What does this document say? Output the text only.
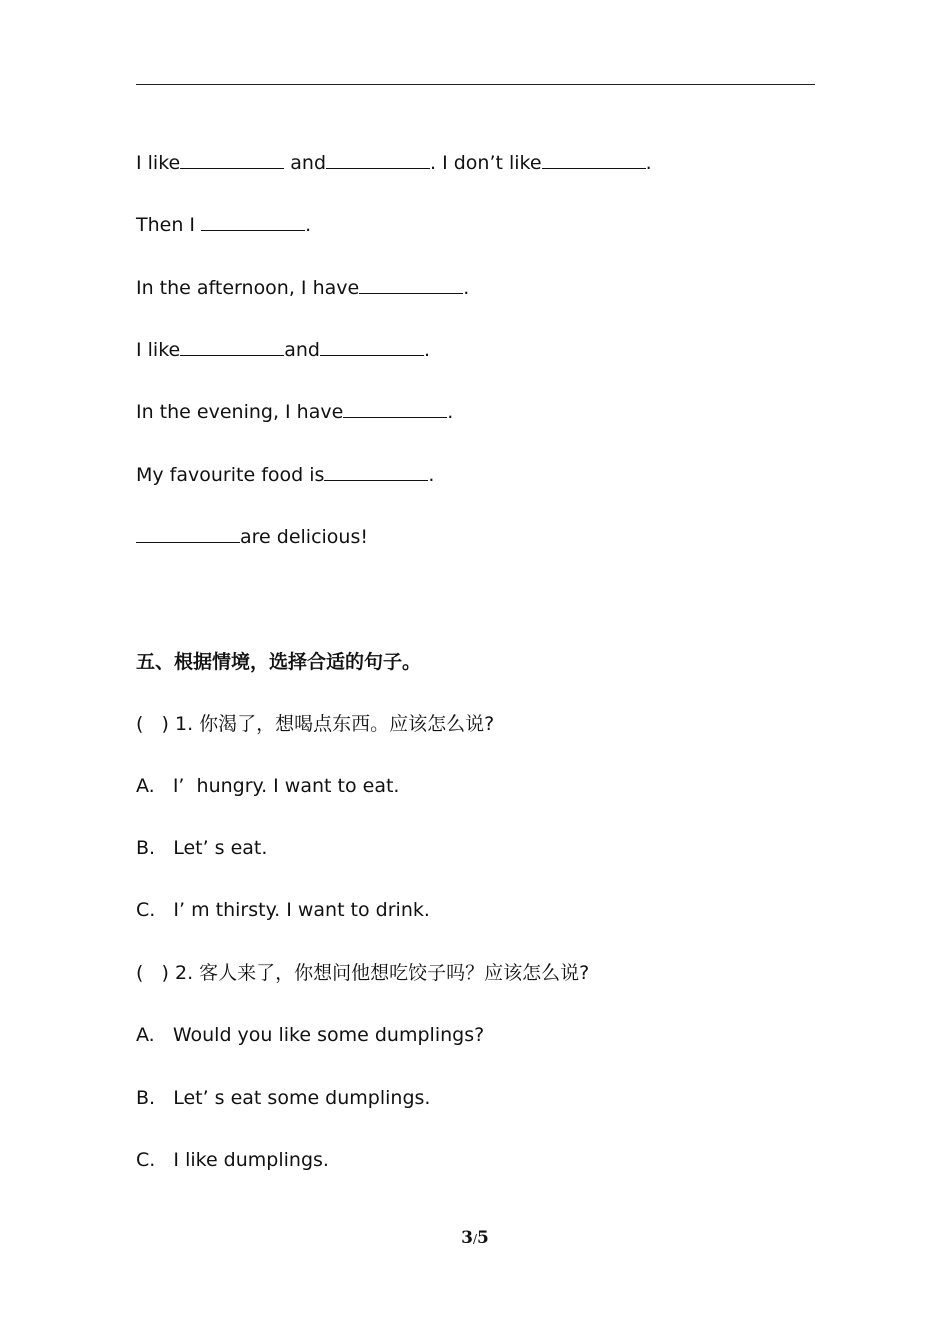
I like	and	. I don’t like	.
Then I	.
In the afternoon, I have	.
I like	and	.
In the evening, I have	.
My favourite food is	.
are delicious!
五、根据情境，选择合适的句子。
(   ) 1. 你渴了，想喝点东西。应该怎么说?
A.   I’  hungry. I want to eat.
B.   Let’ s eat.
C.   I’ m thirsty. I want to drink.
(   ) 2. 客人来了，你想问他想吃饺子吗？应该怎么说?
A.   Would you like some dumplings?
B.   Let’ s eat some dumplings.
C.   I like dumplings.
3/5
